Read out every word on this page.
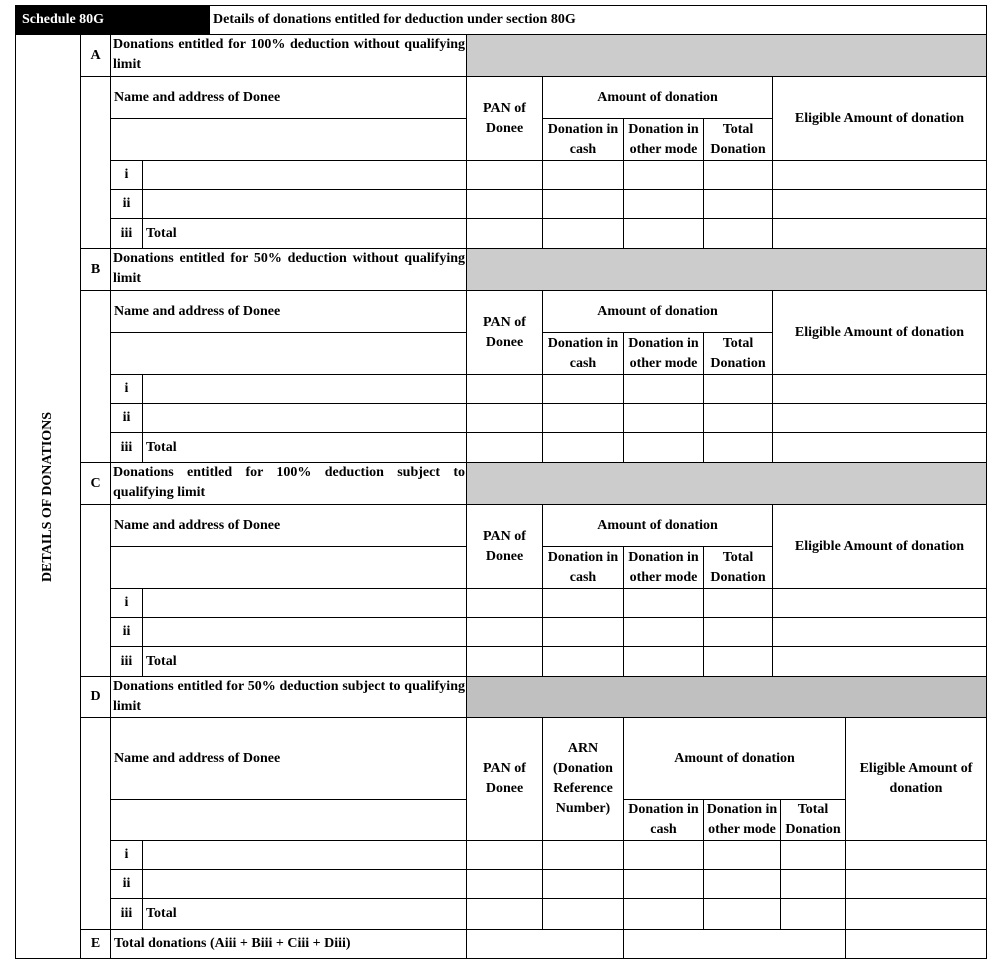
Schedule 80G	Details of donations entitled for deduction under section 80G
DETAILS OF DONATIONS
A
Donations entitled for 100% deduction without qualifying limit
Name and address of Donee
PAN of Donee
Amount of donation
Eligible Amount of donation
Donation in cash
Donation in other mode
Total Donation
i
ii
iii Total
B
Donations entitled for 50% deduction without qualifying limit
Name and address of Donee
PAN of Donee
Amount of donation
Eligible Amount of donation
Donation in cash
Donation in other mode
Total Donation
i
ii
iii Total
C
Donations entitled for 100% deduction subject to qualifying limit
Name and address of Donee
PAN of Donee
Amount of donation
Eligible Amount of donation
Donation in cash
Donation in other mode
Total Donation
i
ii
iii Total
D
Donations entitled for 50% deduction subject to qualifying limit
Name and address of Donee
PAN of Donee
ARN (Donation Reference Number)
Amount of donation
Eligible Amount of donation
Donation in cash
Donation in other mode
Total Donation
i
ii
iii Total
E Total donations (Aiii + Biii + Ciii + Diii)
